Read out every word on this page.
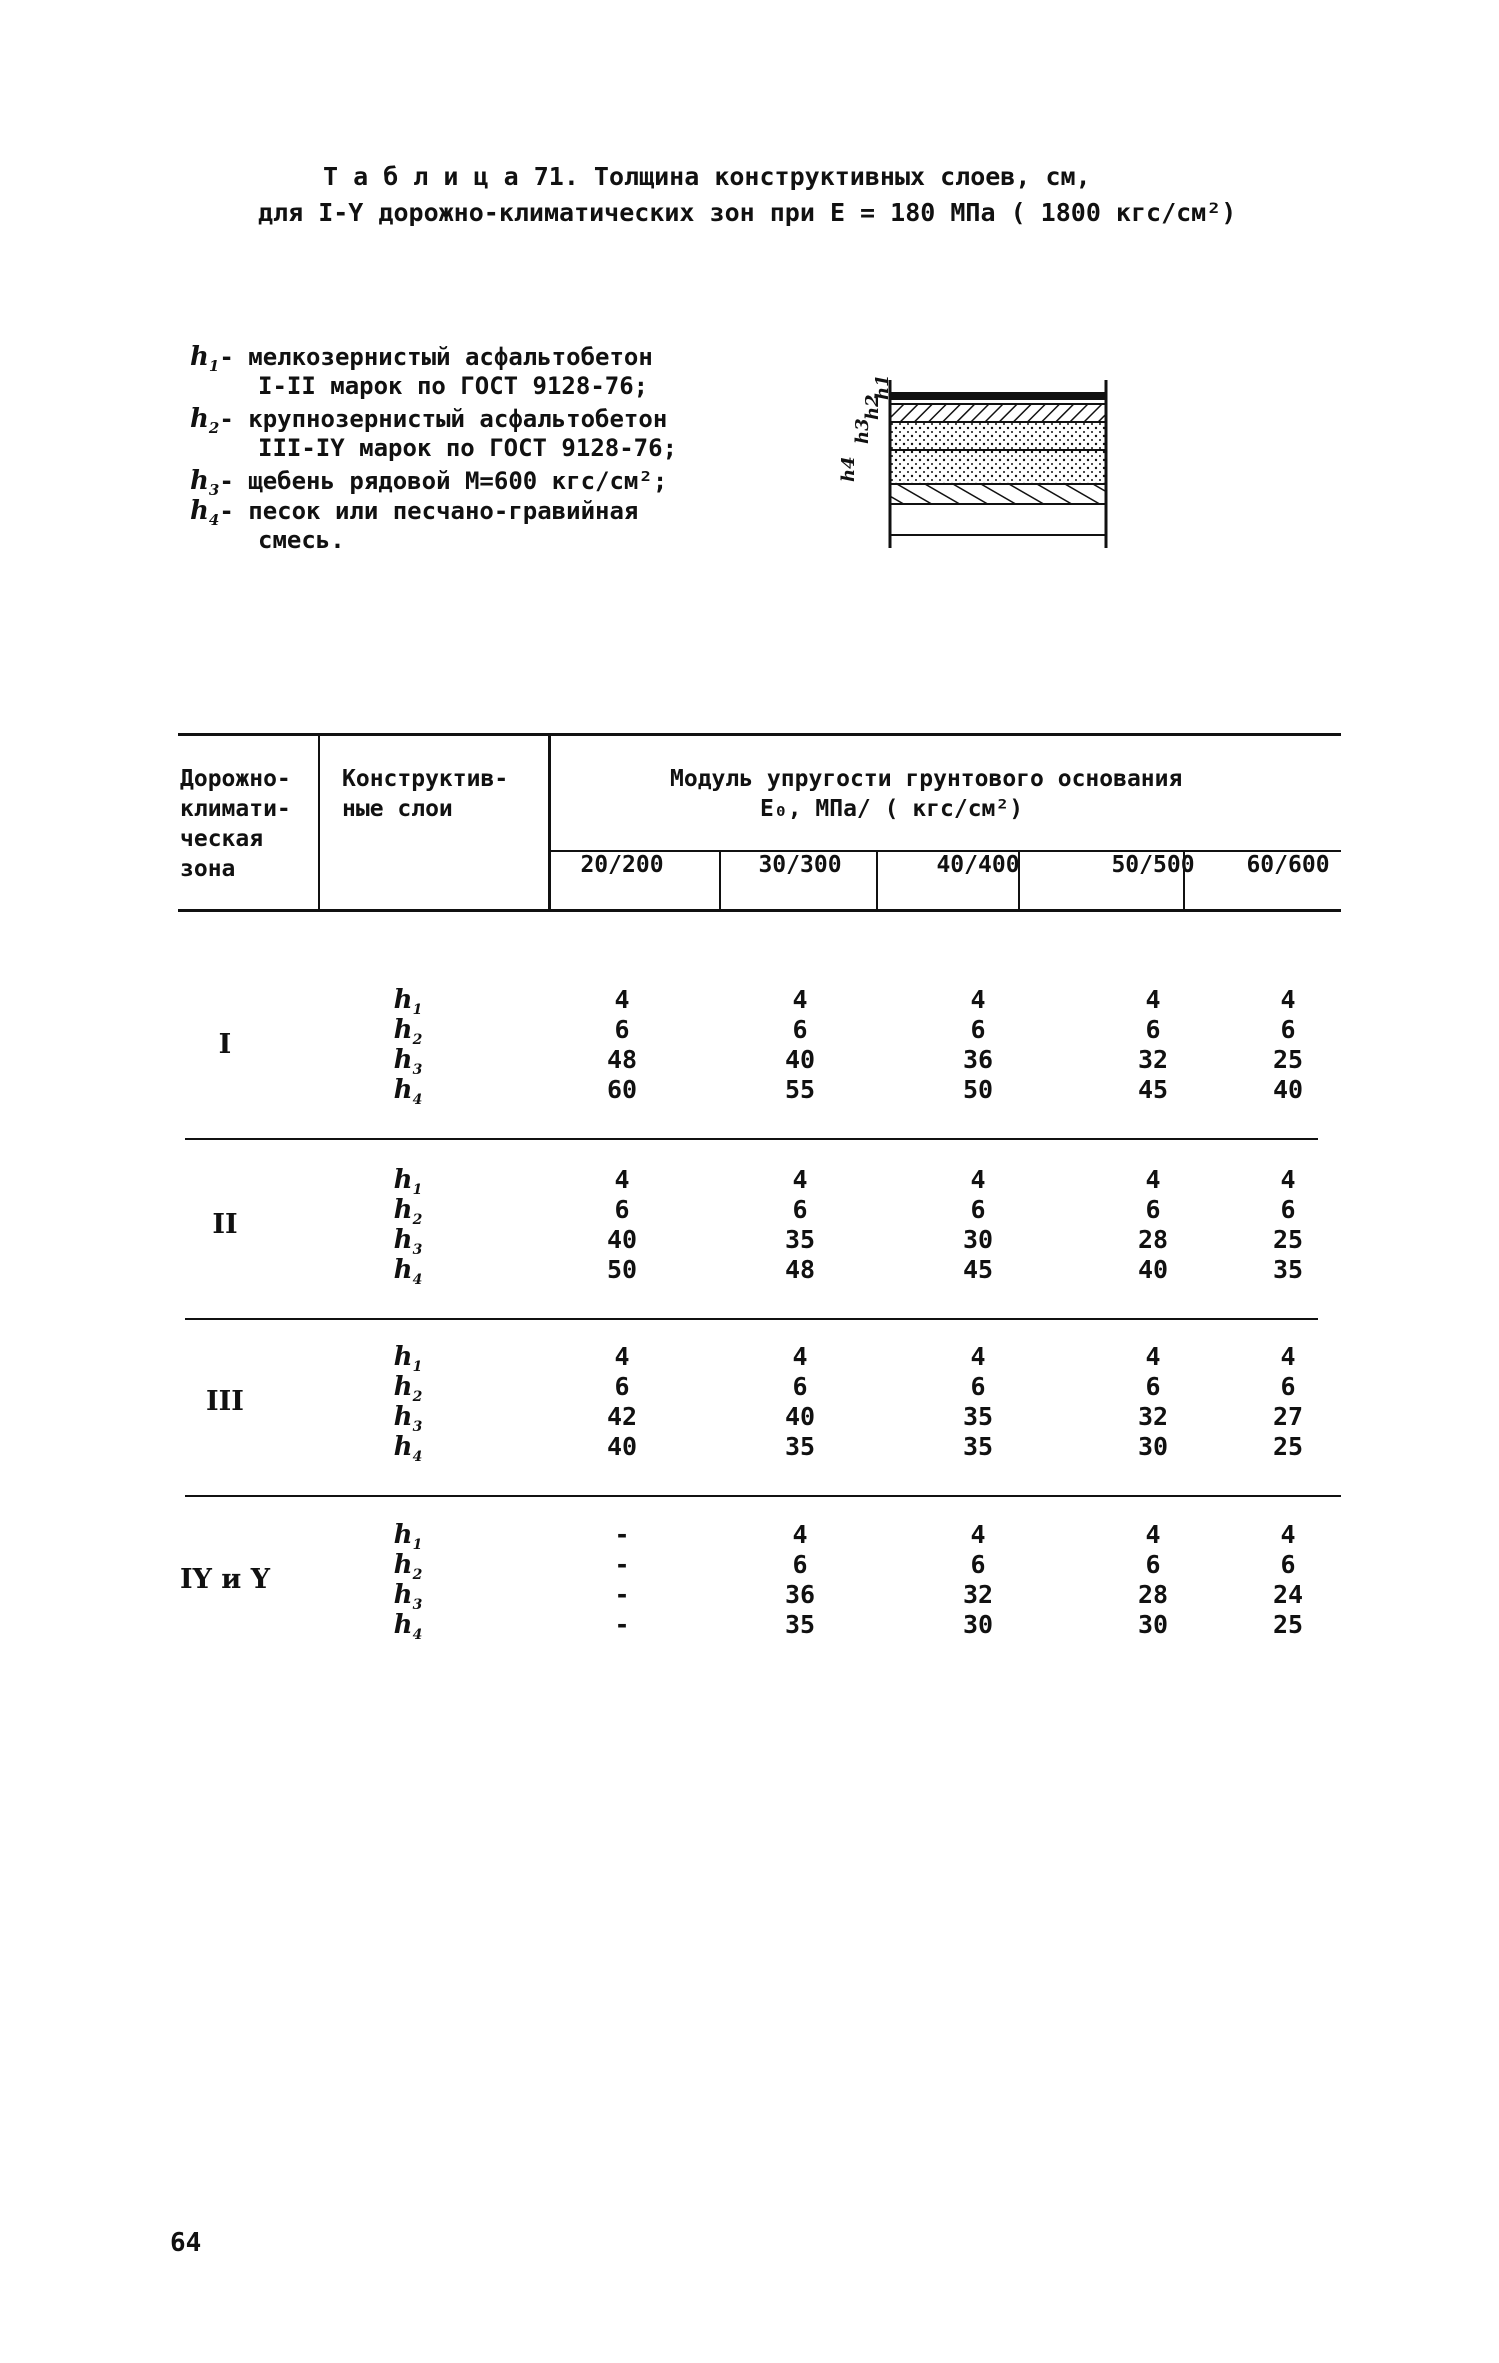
Т а б л и ц а 71. Толщина конструктивных слоев, см,
для I-Y дорожно-климатических зон при E = 180 МПа ( 1800 кгс/см²)
$h_1-$ мелкозернистый асфальтобетон
I-II марок по ГОСТ 9128-76;
$h_2-$ крупнозернистый асфальтобетон
III-IY марок по ГОСТ 9128-76;
$h_3-$ щебень рядовой М=600 кгс/см²;
$h_4-$ песок или песчано-гравийная
смесь.
h4
h3
h2
h1
Дорожно-
климати-
ческая
зона
Конструктив-
ные слои
Модуль упругости грунтового основания
E₀, МПа/ ( кгс/см²)
20/200	30/300	40/400	50/500	60/600
I
$h_1$	4	4	4	4	4
$h_2$	6	6	6	6	6
$h_3$	48	40	36	32	25
$h_4$	60	55	50	45	40
II
$h_1$	4	4	4	4	4
$h_2$	6	6	6	6	6
$h_3$	40	35	30	28	25
$h_4$	50	48	45	40	35
III
$h_1$	4	4	4	4	4
$h_2$	6	6	6	6	6
$h_3$	42	40	35	32	27
$h_4$	40	35	35	30	25
IY и Y
$h_1$	-	4	4	4	4
$h_2$	-	6	6	6	6
$h_3$	-	36	32	28	24
$h_4$	-	35	30	30	25
64
